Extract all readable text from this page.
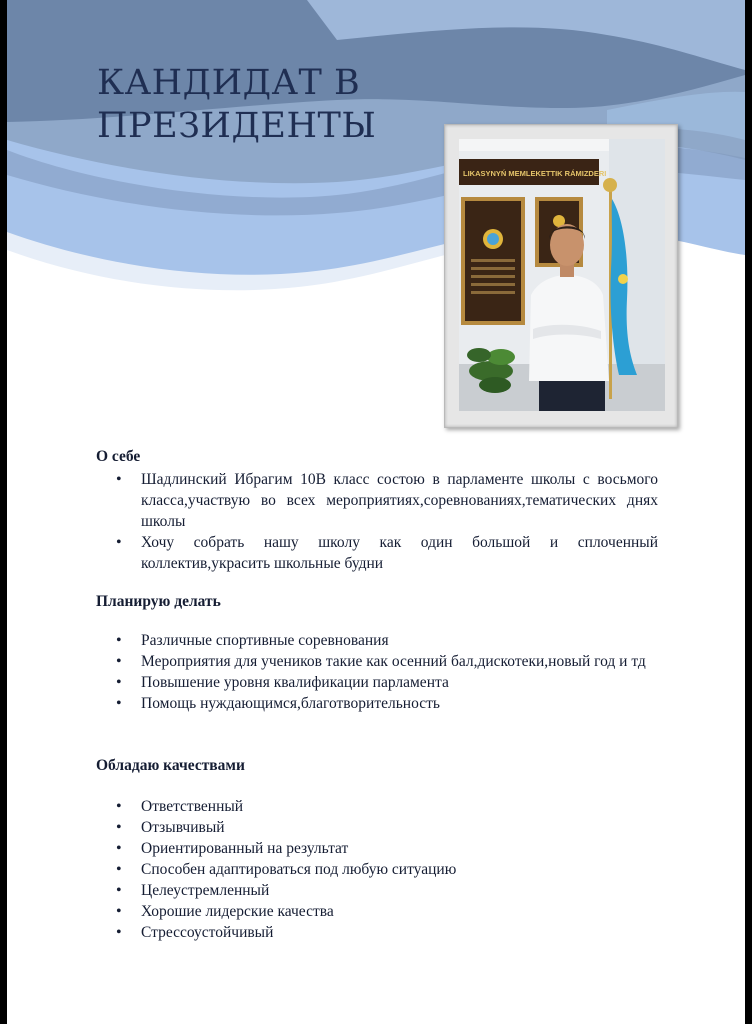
КАНДИДАТ В
ПРЕЗИДЕНТЫ
LIKASYNYŃ MEMLEKETTIK RÁMIZDERI
О себе
• Шадлинский Ибрагим 10В класс состою в парламенте школы с восьмого класса,участвую во всех мероприятиях,соревнованиях,тематических днях школы
• Хочу собрать нашу школу как один большой и сплоченный коллектив,украсить школьные будни
Планирую делать
• Различные спортивные соревнования
• Мероприятия для учеников такие как осенний бал,дискотеки,новый год и тд
• Повышение уровня квалификации парламента
• Помощь нуждающимся,благотворительность
Обладаю качествами
• Ответственный
• Отзывчивый
• Ориентированный на результат
• Способен адаптироваться под любую ситуацию
• Целеустремленный
• Хорошие лидерские качества
• Стрессоустойчивый
